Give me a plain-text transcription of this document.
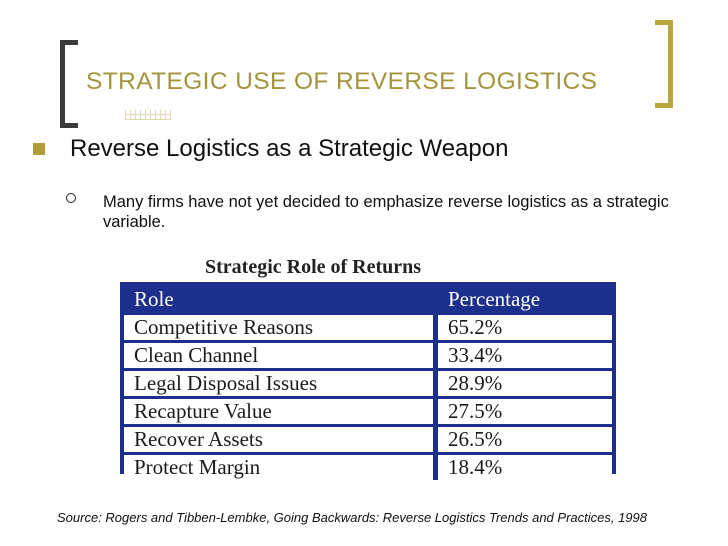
STRATEGIC USE OF REVERSE LOGISTICS
Reverse Logistics as a Strategic Weapon
Many firms have not yet decided to emphasize reverse logistics as a strategic variable.
Strategic Role of Returns
Role	Percentage
Competitive Reasons	65.2%
Clean Channel	33.4%
Legal Disposal Issues	28.9%
Recapture Value	27.5%
Recover Assets	26.5%
Protect Margin	18.4%
Source: Rogers and Tibben-Lembke, Going Backwards: Reverse Logistics Trends and Practices, 1998
